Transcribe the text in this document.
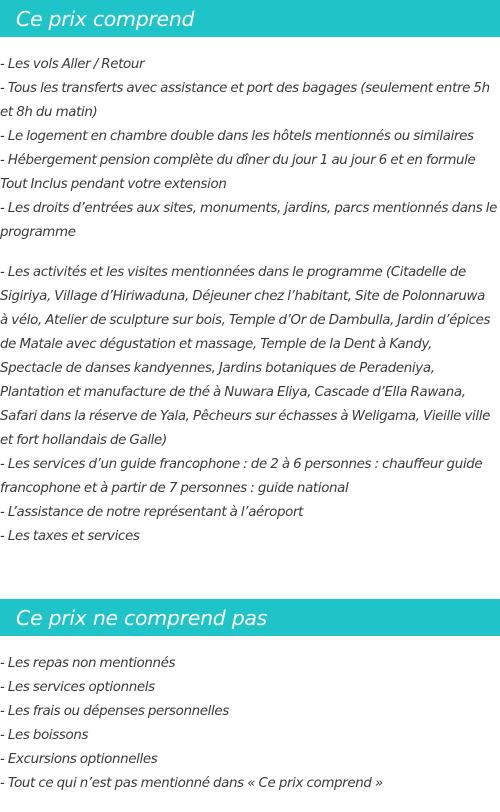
Ce prix comprend
- Les vols Aller / Retour
- Tous les transferts avec assistance et port des bagages (seulement entre 5h et 8h du matin)
- Le logement en chambre double dans les hôtels mentionnés ou similaires
- Hébergement pension complète du dîner du jour 1 au jour 6 et en formule Tout Inclus pendant votre extension
- Les droits d’entrées aux sites, monuments, jardins, parcs mentionnés dans le programme
- Les activités et les visites mentionnées dans le programme (Citadelle de Sigiriya, Village d’Hiriwaduna, Déjeuner chez l’habitant, Site de Polonnaruwa à vélo, Atelier de sculpture sur bois, Temple d’Or de Dambulla, Jardin d’épices de Matale avec dégustation et massage, Temple de la Dent à Kandy, Spectacle de danses kandyennes, Jardins botaniques de Peradeniya, Plantation et manufacture de thé à Nuwara Eliya, Cascade d’Ella Rawana, Safari dans la réserve de Yala, Pêcheurs sur échasses à Weligama, Vieille ville et fort hollandais de Galle)
- Les services d’un guide francophone : de 2 à 6 personnes : chauffeur guide francophone et à partir de 7 personnes : guide national
- L’assistance de notre représentant à l’aéroport
- Les taxes et services
Ce prix ne comprend pas
- Les repas non mentionnés
- Les services optionnels
- Les frais ou dépenses personnelles
- Les boissons
- Excursions optionnelles
- Tout ce qui n’est pas mentionné dans « Ce prix comprend »
